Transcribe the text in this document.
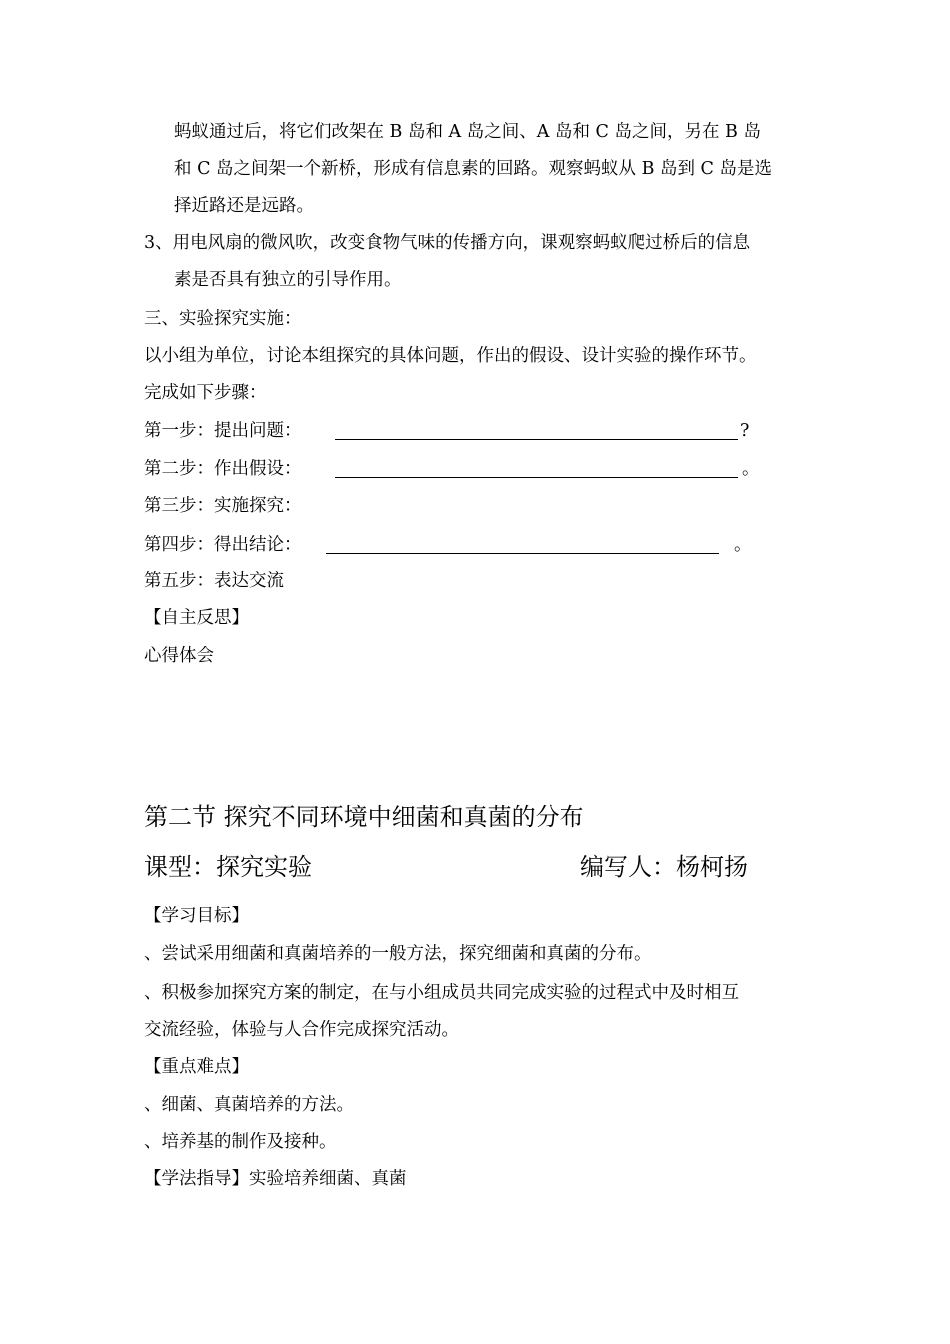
蚂蚁通过后，将它们改架在 B 岛和 A 岛之间、A 岛和 C 岛之间，另在 B 岛
和 C 岛之间架一个新桥，形成有信息素的回路。观察蚂蚁从 B 岛到 C 岛是选
择近路还是远路。
3、用电风扇的微风吹，改变食物气味的传播方向，课观察蚂蚁爬过桥后的信息
素是否具有独立的引导作用。
三、实验探究实施：
以小组为单位，讨论本组探究的具体问题，作出的假设、设计实验的操作环节。
完成如下步骤：
第一步：提出问题：	?
第二步：作出假设：	。
第三步：实施探究：
第四步：得出结论：	。
第五步：表达交流
【自主反思】
心得体会
第二节 探究不同环境中细菌和真菌的分布
课型：探究实验	编写人：杨柯扬
【学习目标】
、尝试采用细菌和真菌培养的一般方法，探究细菌和真菌的分布。
、积极参加探究方案的制定，在与小组成员共同完成实验的过程式中及时相互
交流经验，体验与人合作完成探究活动。
【重点难点】
、细菌、真菌培养的方法。
、培养基的制作及接种。
【学法指导】实验培养细菌、真菌
